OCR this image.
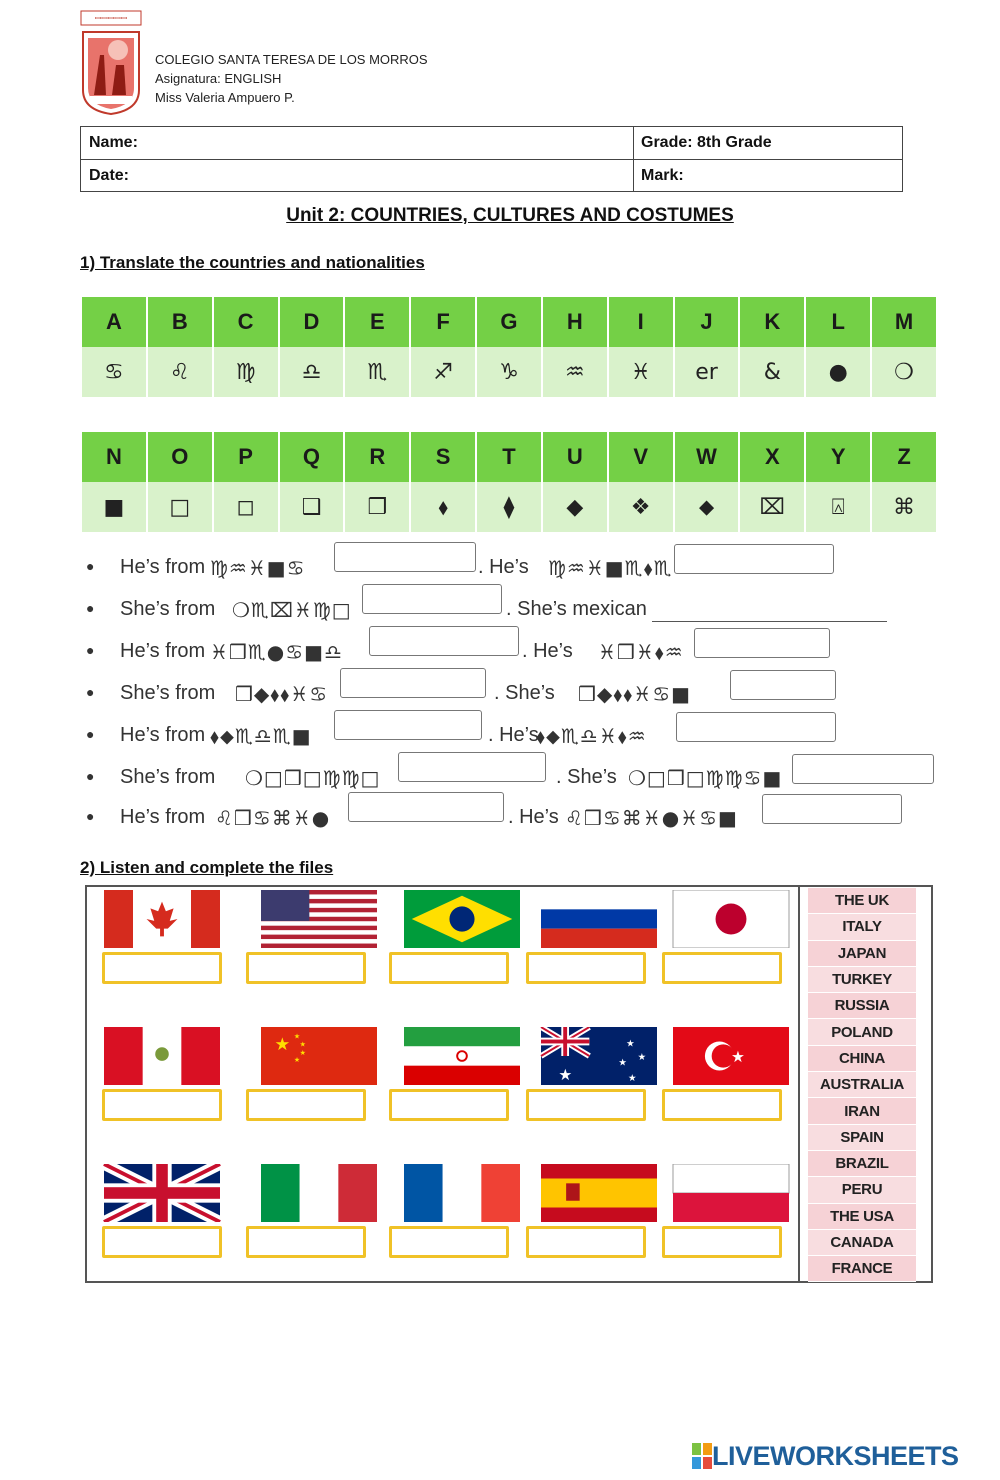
ꟷꟷꟷꟷꟷ
COLEGIO SANTA TERESA DE LOS MORROS
Asignatura: ENGLISH
Miss Valeria Ampuero P.
Name:	Grade: 8th Grade
Date:	Mark:
Unit 2: COUNTRIES, CULTURES AND COSTUMES
1) Translate the countries and nationalities
A	B	C	D	E	F	G	H	I	J	K	L	M
♋	♌	♍	♎	♏	♐	♑	♒	♓	er	&	●	❍
N	O	P	Q	R	S	T	U	V	W	X	Y	Z
■	□	◻	❑	❒	⬧	⧫	◆	❖	⬥	⌧	⍓	⌘
● He’s from ♍♒♓■♋	. He’s ♍♒♓■♏⬧♏
● She’s from ❍♏⌧♓♍□	. She’s mexican
● He’s from ♓❒♏●♋■♎	. He’s ♓❒♓⬧♒
● She’s from ❒◆⬧⬧♓♋	. She’s ❒◆⬧⬧♓♋■
● He’s from ⬧⬥♏♎♏■	. He’s
⬧⬥♏♎♓⬧♒
● She’s from ❍□❒□♍♍□	. She’s ❍□❒□♍♍♋■
● He’s from ♌❒♋⌘♓●	. He’s ♌❒♋⌘♓●♓♋■
2) Listen and complete the files
★ ★
★
★
★
★
★
★
★
★
★
THE UK
ITALY
JAPAN
TURKEY
RUSSIA
POLAND
CHINA
AUSTRALIA
IRAN
SPAIN
BRAZIL
PERU
THE USA
CANADA
FRANCE
LIVEWORKSHEETS
